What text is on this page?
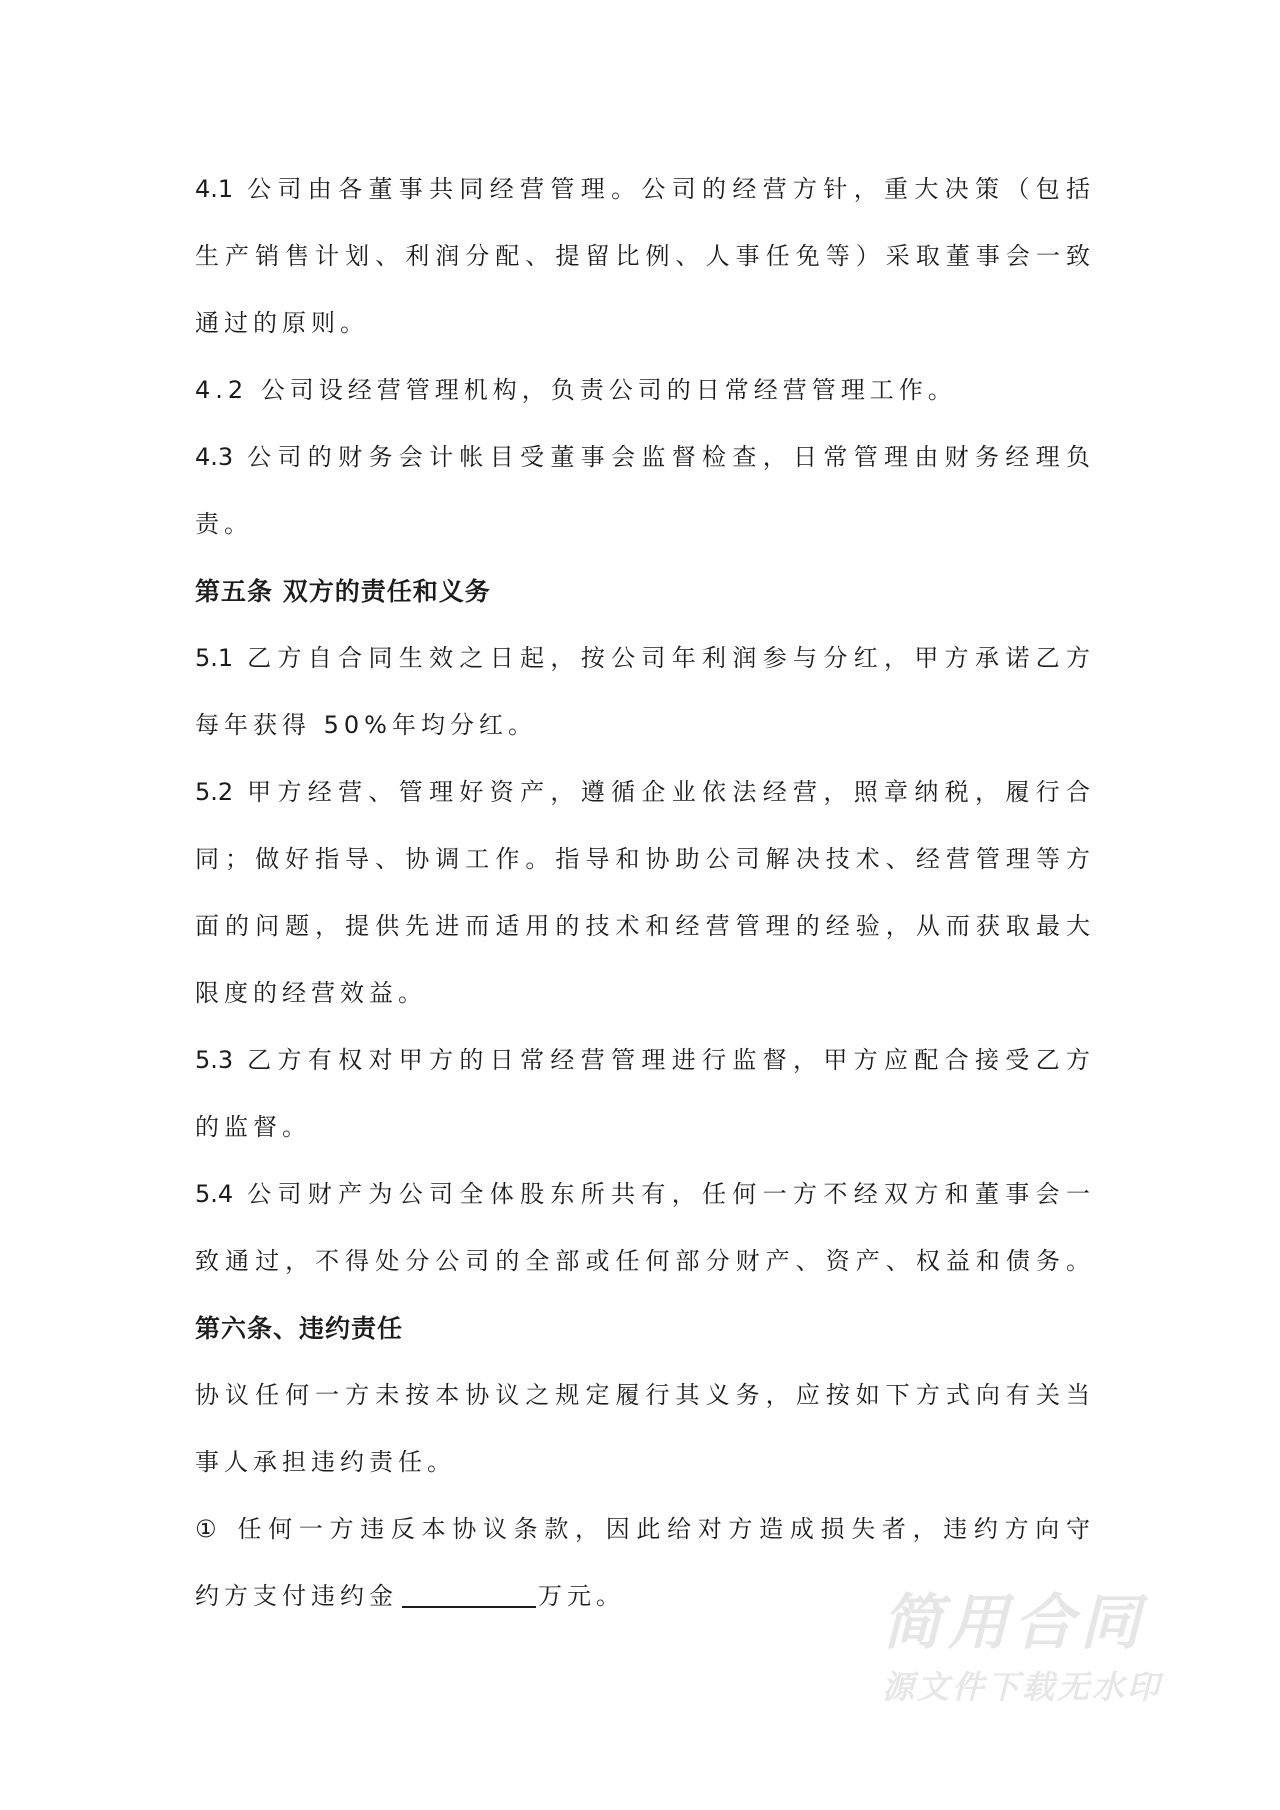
4.1 公司由各董事共同经营管理。公司的经营方针，重大决策（包括
生产销售计划、利润分配、提留比例、人事任免等）采取董事会一致
通过的原则。
4.2 公司设经营管理机构，负责公司的日常经营管理工作。
4.3 公司的财务会计帐目受董事会监督检查，日常管理由财务经理负
责。
第五条 双方的责任和义务
5.1 乙方自合同生效之日起，按公司年利润参与分红，甲方承诺乙方
每年获得 50%年均分红。
5.2 甲方经营、管理好资产，遵循企业依法经营，照章纳税，履行合
同；做好指导、协调工作。指导和协助公司解决技术、经营管理等方
面的问题，提供先进而适用的技术和经营管理的经验，从而获取最大
限度的经营效益。
5.3 乙方有权对甲方的日常经营管理进行监督，甲方应配合接受乙方
的监督。
5.4 公司财产为公司全体股东所共有，任何一方不经双方和董事会一
致通过，不得处分公司的全部或任何部分财产、资产、权益和债务。
第六条、违约责任
协议任何一方未按本协议之规定履行其义务，应按如下方式向有关当
事人承担违约责任。
① 任何一方违反本协议条款，因此给对方造成损失者，违约方向守
约方支付违约金	万元。	简用合同
源文件下载无水印
